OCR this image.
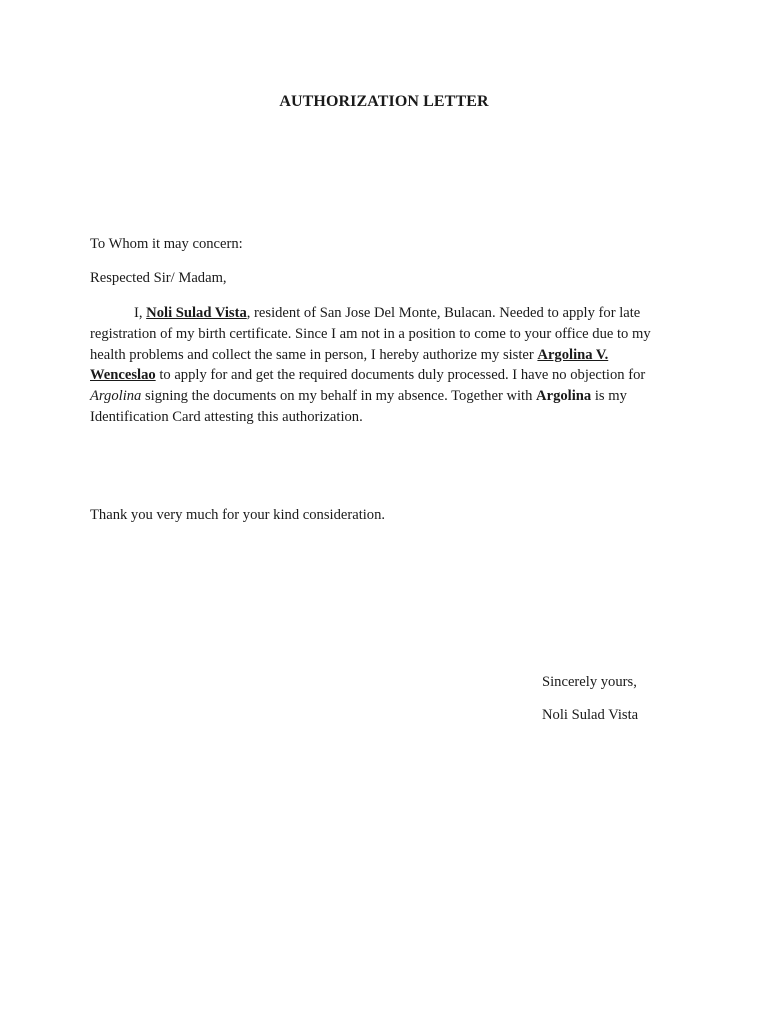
AUTHORIZATION LETTER
To Whom it may concern:
Respected Sir/ Madam,
I, Noli Sulad Vista, resident of San Jose Del Monte, Bulacan. Needed to apply for late
registration of my birth certificate. Since I am not in a position to come to your office due to my
health problems and collect the same in person, I hereby authorize my sister Argolina V.
Wenceslao to apply for and get the required documents duly processed. I have no objection for
Argolina signing the documents on my behalf in my absence. Together with Argolina is my
Identification Card attesting this authorization.
Thank you very much for your kind consideration.
Sincerely yours,
Noli Sulad Vista
